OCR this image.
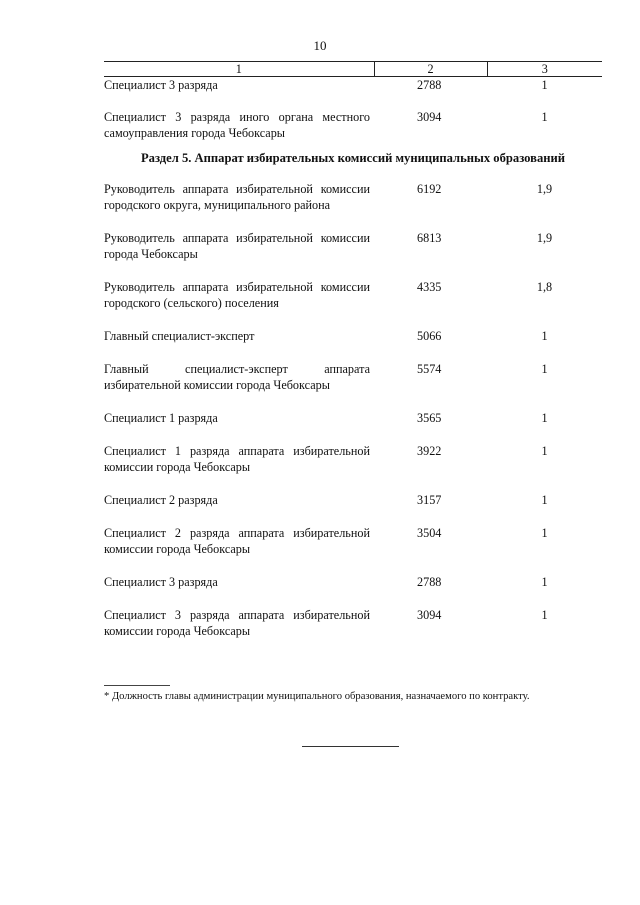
10
1	2	3
Специалист 3 разряда	2788	1

Специалист 3 разряда иного органа местного самоуправления города Чебоксары	3094	1
Раздел 5. Аппарат избирательных комиссий муниципальных образований		
Руководитель аппарата избирательной комиссии городского округа, муниципального района	6192	1,9

Руководитель аппарата избирательной комиссии города Чебоксары	6813	1,9

Руководитель аппарата избирательной комиссии городского (сельского) поселения	4335	1,8

Главный специалист-эксперт	5066	1

Главный специалист-эксперт аппарата избирательной комиссии города Чебоксары	5574	1

Специалист 1 разряда	3565	1

Специалист 1 разряда аппарата избирательной комиссии города Чебоксары	3922	1

Специалист 2 разряда	3157	1

Специалист 2 разряда аппарата избирательной комиссии города Чебоксары	3504	1

Специалист 3 разряда	2788	1

Специалист 3 разряда аппарата избирательной комиссии города Чебоксары	3094	1
* Должность главы администрации муниципального образования, назначаемого по контракту.
